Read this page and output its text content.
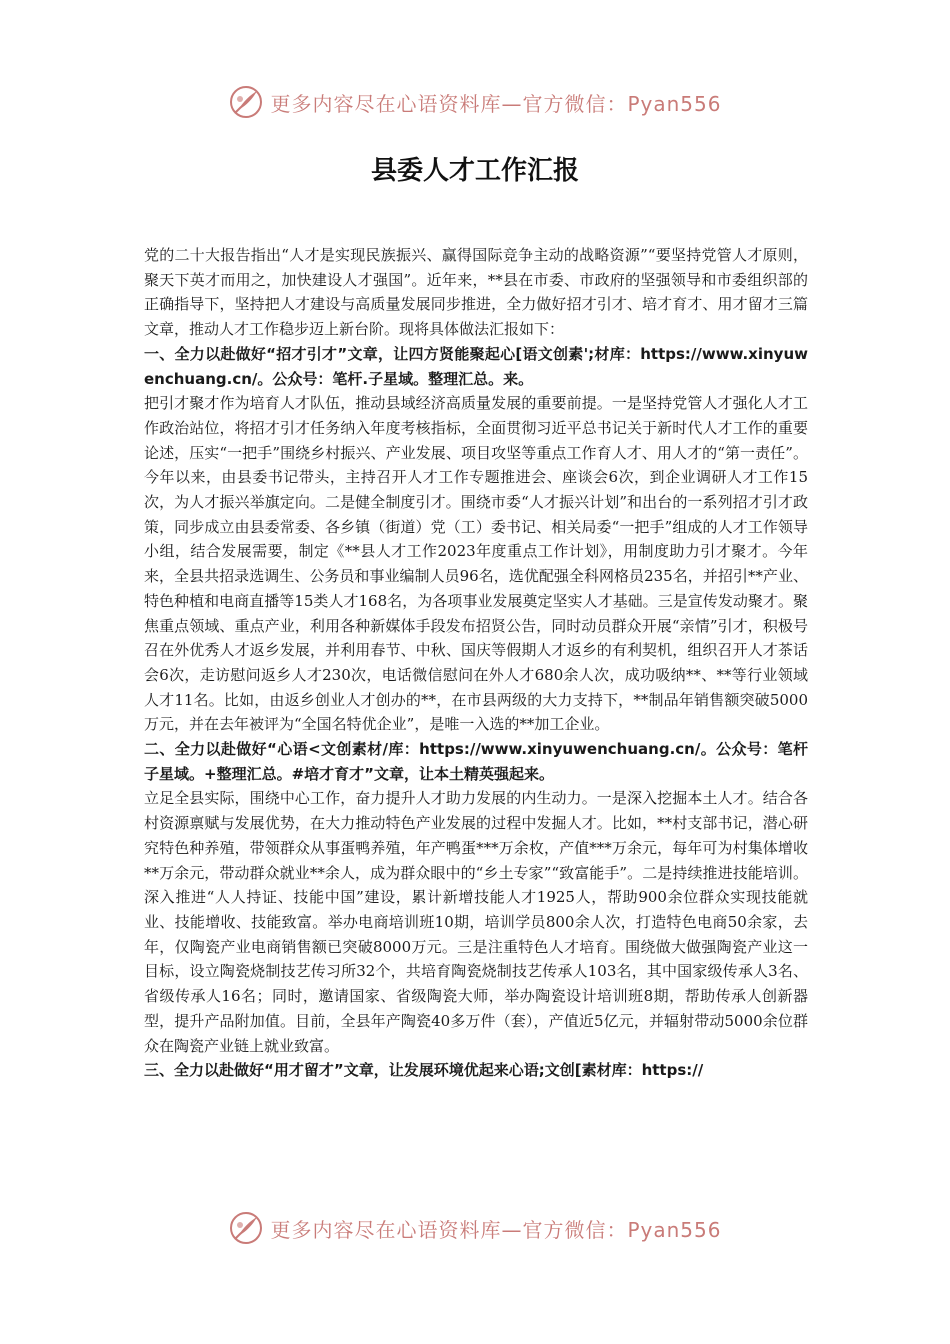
更多内容尽在心语资料库—官方微信：Pyan556
县委人才工作汇报

党的二十大报告指出“人才是实现民族振兴、赢得国际竞争主动的战略资源”“要坚持党管人才原则，聚天下英才而用之，加快建设人才强国”。近年来，**县在市委、市政府的坚强领导和市委组织部的正确指导下，坚持把人才建设与高质量发展同步推进，全力做好招才引才、培才育才、用才留才三篇文章，推动人才工作稳步迈上新台阶。现将具体做法汇报如下：

一、全力以赴做好“招才引才”文章，让四方贤能聚起心[语文创素';材库：https://www.xinyuwenchuang.cn/。公众号：笔杆.子星域。整理汇总。来。

把引才聚才作为培育人才队伍，推动县域经济高质量发展的重要前提。一是坚持党管人才强化人才工作政治站位，将招才引才任务纳入年度考核指标，全面贯彻习近平总书记关于新时代人才工作的重要论述，压实“一把手”围绕乡村振兴、产业发展、项目攻坚等重点工作育人才、用人才的“第一责任”。今年以来，由县委书记带头，主持召开人才工作专题推进会、座谈会6次，到企业调研人才工作15次，为人才振兴举旗定向。二是健全制度引才。围绕市委“人才振兴计划”和出台的一系列招才引才政策，同步成立由县委常委、各乡镇（街道）党（工）委书记、相关局委“一把手”组成的人才工作领导小组，结合发展需要，制定《**县人才工作2023年度重点工作计划》，用制度助力引才聚才。今年来，全县共招录选调生、公务员和事业编制人员96名，选优配强全科网格员235名，并招引**产业、特色种植和电商直播等15类人才168名，为各项事业发展奠定坚实人才基础。三是宣传发动聚才。聚焦重点领域、重点产业，利用各种新媒体手段发布招贤公告，同时动员群众开展“亲情”引才，积极号召在外优秀人才返乡发展，并利用春节、中秋、国庆等假期人才返乡的有利契机，组织召开人才茶话会6次，走访慰问返乡人才230次，电话微信慰问在外人才680余人次，成功吸纳**、**等行业领域人才11名。比如，由返乡创业人才创办的**，在市县两级的大力支持下，**制品年销售额突破5000万元，并在去年被评为“全国名特优企业”，是唯一入选的**加工企业。

二、全力以赴做好“心语<文创素材/库：https://www.xinyuwenchuang.cn/。公众号：笔杆子星域。+整理汇总。#培才育才”文章，让本土精英强起来。

立足全县实际，围绕中心工作，奋力提升人才助力发展的内生动力。一是深入挖掘本土人才。结合各村资源禀赋与发展优势，在大力推动特色产业发展的过程中发掘人才。比如，**村支部书记，潜心研究特色种养殖，带领群众从事蛋鸭养殖，年产鸭蛋***万余枚，产值***万余元，每年可为村集体增收**万余元，带动群众就业**余人，成为群众眼中的“乡土专家”“致富能手”。二是持续推进技能培训。深入推进“人人持证、技能中国”建设，累计新增技能人才1925人，帮助900余位群众实现技能就业、技能增收、技能致富。举办电商培训班10期，培训学员800余人次，打造特色电商50余家，去年，仅陶瓷产业电商销售额已突破8000万元。三是注重特色人才培育。围绕做大做强陶瓷产业这一目标，设立陶瓷烧制技艺传习所32个，共培育陶瓷烧制技艺传承人103名，其中国家级传承人3名、省级传承人16名；同时，邀请国家、省级陶瓷大师，举办陶瓷设计培训班8期，帮助传承人创新器型，提升产品附加值。目前，全县年产陶瓷40多万件（套），产值近5亿元，并辐射带动5000余位群众在陶瓷产业链上就业致富。

三、全力以赴做好“用才留才”文章，让发展环境优起来心语;文创[素材库：https://

更多内容尽在心语资料库—官方微信：Pyan556
